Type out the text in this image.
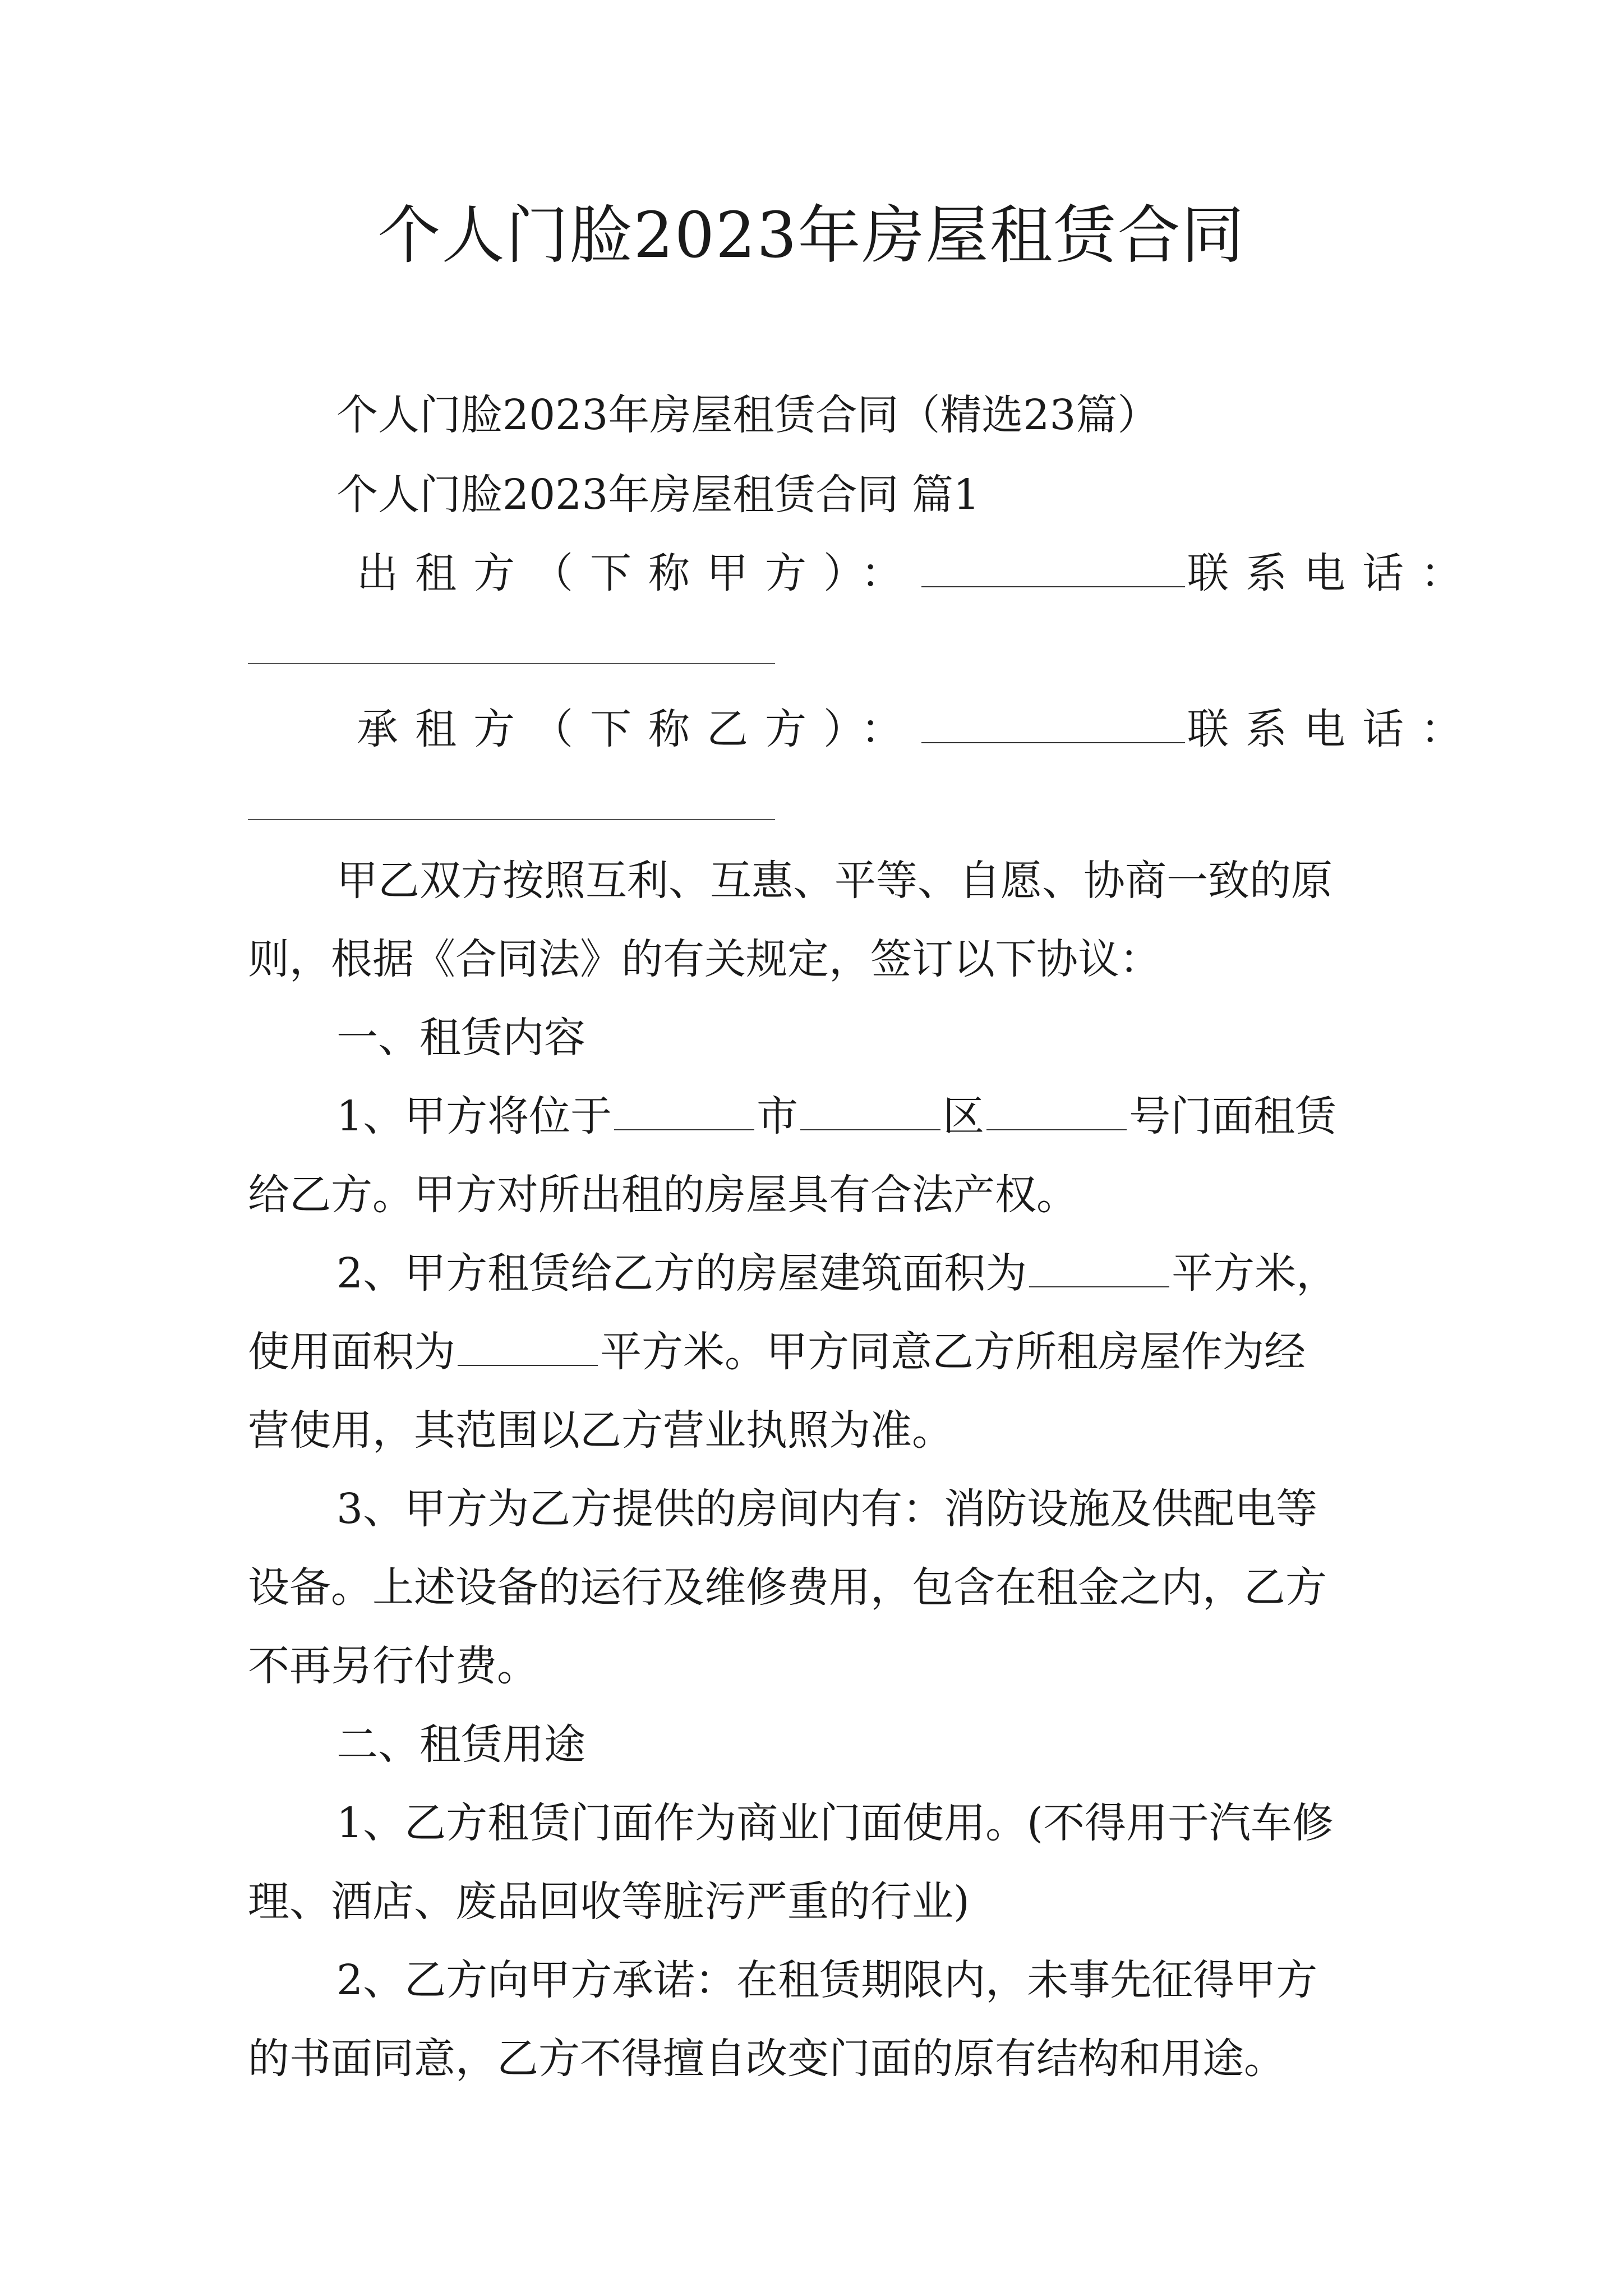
个人门脸2023年房屋租赁合同
个人门脸2023年房屋租赁合同（精选23篇）
个人门脸2023年房屋租赁合同 篇1
出租方（下称甲方）：	联系电话：
承租方（下称乙方）：	联系电话：
甲乙双方按照互利、互惠、平等、自愿、协商一致的原
则，根据《合同法》的有关规定，签订以下协议：
一、租赁内容
1、甲方将位于	市	区	号门面租赁
给乙方。甲方对所出租的房屋具有合法产权。
2、甲方租赁给乙方的房屋建筑面积为	平方米，
使用面积为	平方米。甲方同意乙方所租房屋作为经
营使用，其范围以乙方营业执照为准。
3、甲方为乙方提供的房间内有：消防设施及供配电等
设备。上述设备的运行及维修费用，包含在租金之内，乙方
不再另行付费。
二、租赁用途
1、乙方租赁门面作为商业门面使用。(不得用于汽车修
理、酒店、废品回收等脏污严重的行业)
2、乙方向甲方承诺：在租赁期限内，未事先征得甲方
的书面同意，乙方不得擅自改变门面的原有结构和用途。
